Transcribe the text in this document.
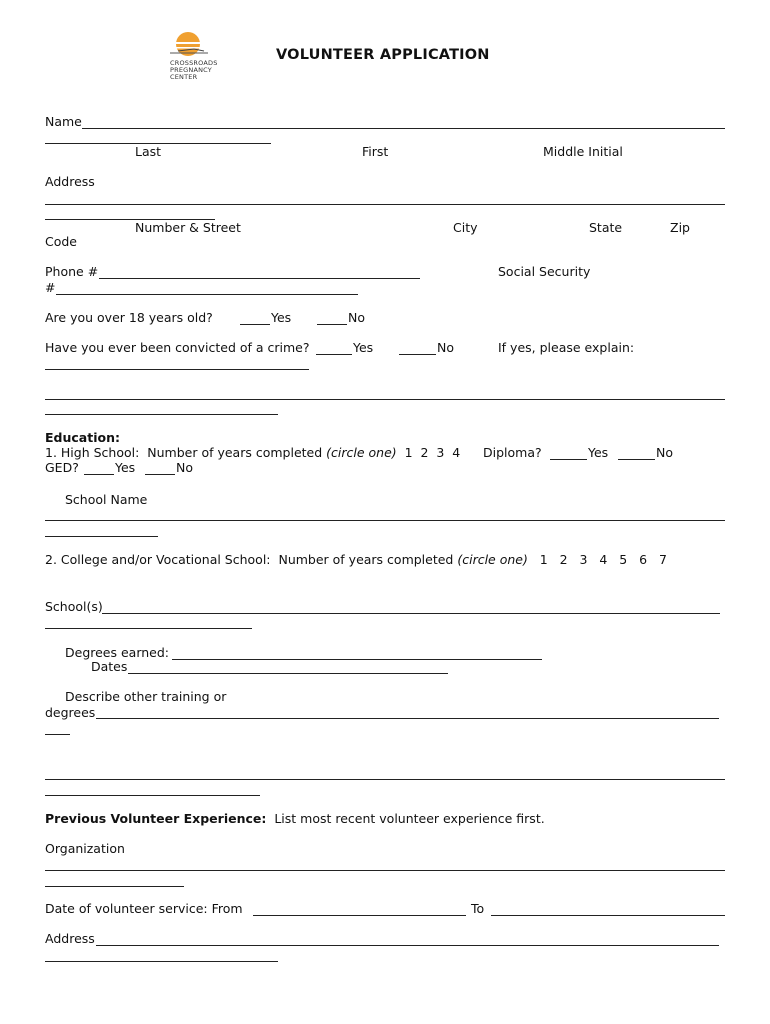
CROSSROADS
PREGNANCY
CENTER
VOLUNTEER APPLICATION
Name
Last	First	Middle Initial
Address
Number & Street	City	State	Zip
Code
Phone #	Social Security
#
Are you over 18 years old?	Yes	No
Have you ever been convicted of a crime?	Yes	No	If yes, please explain:
Education:
1. High School:  Number of years completed (circle one) 1  2  3  4 Diploma?	Yes	No
GED?	Yes	No
School Name
2. College and/or Vocational School:  Number of years completed (circle one) 1   2   3   4   5   6   7
School(s)
Degrees earned:
Dates
Describe other training or
degrees
Previous Volunteer Experience: List most recent volunteer experience first.
Organization
Date of volunteer service: From	To
Address
